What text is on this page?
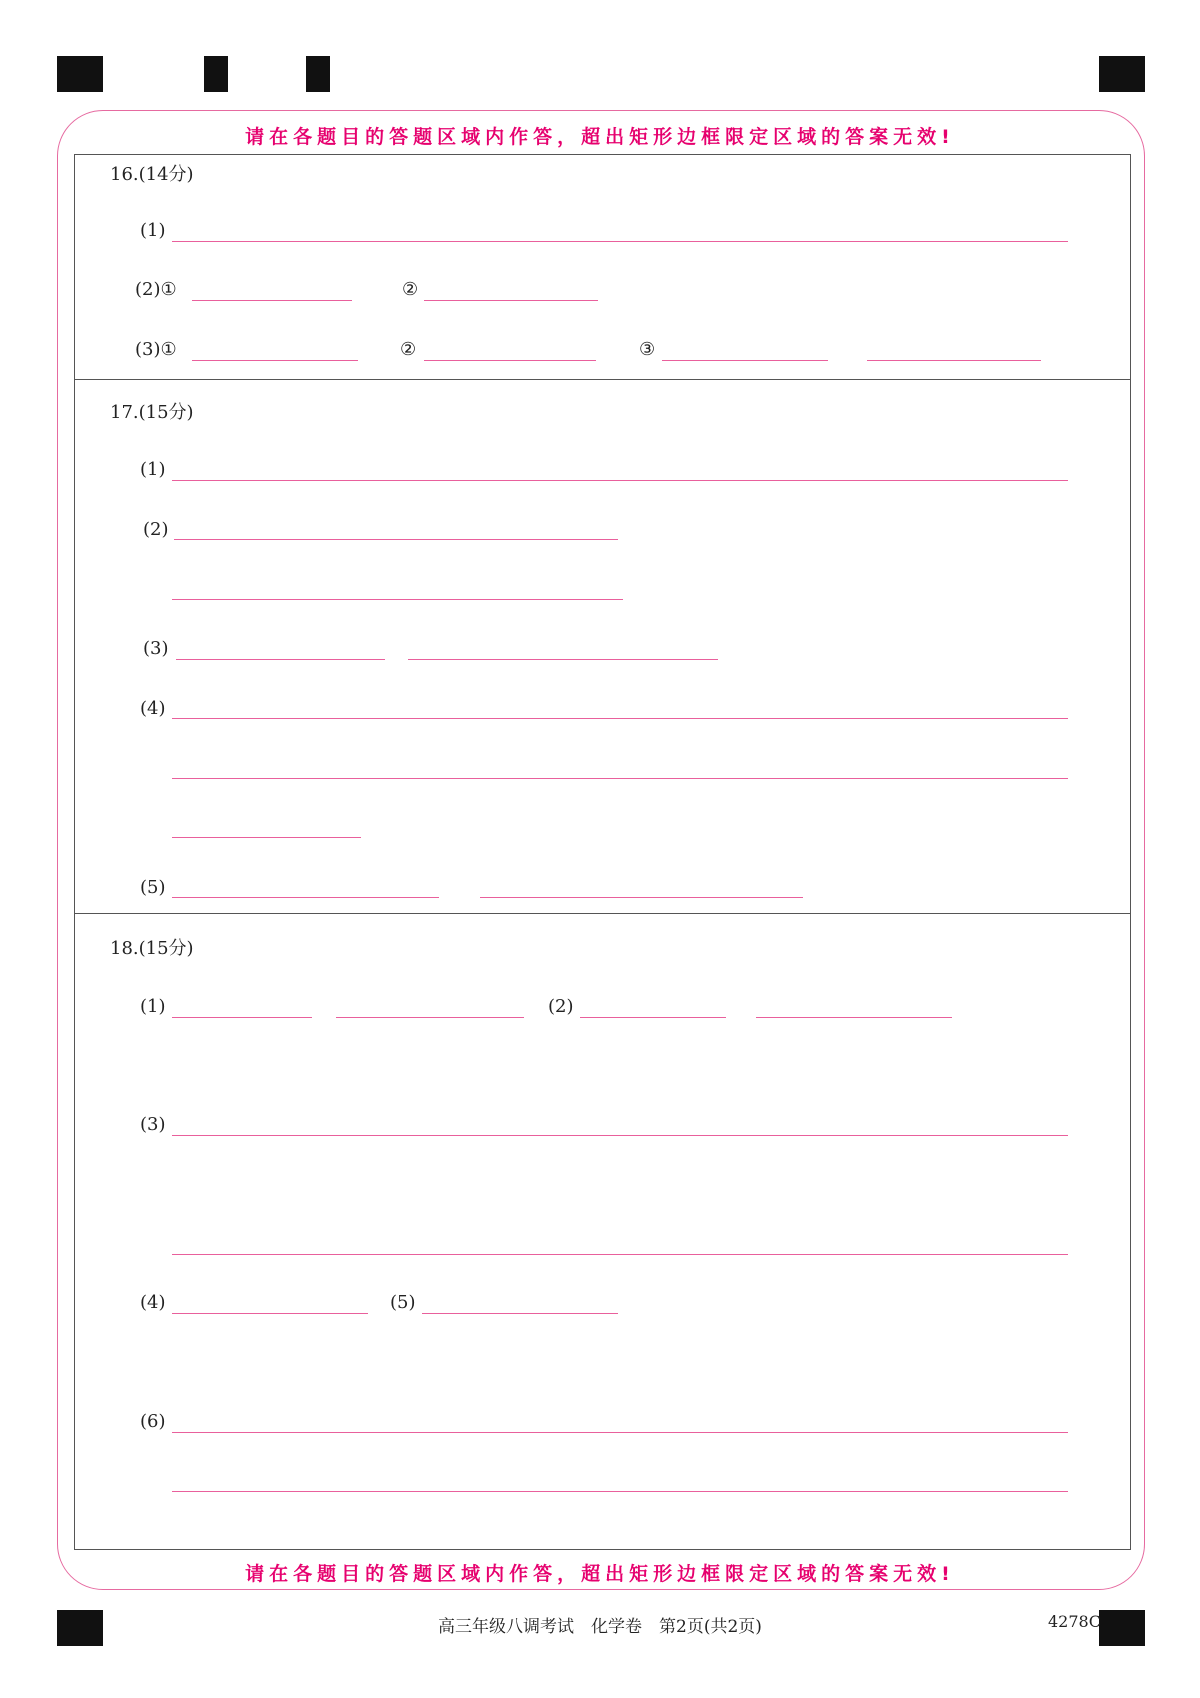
请在各题目的答题区域内作答，超出矩形边框限定区域的答案无效!
请在各题目的答题区域内作答，超出矩形边框限定区域的答案无效!
16.(14分)
(1)
(2)①	②
(3)①	②	③
17.(15分)
(1)
(2)
(3)
(4)
(5)
18.(15分)
(1)	(2)
(3)
(4)	(5)
(6)
高三年级八调考试　化学卷　第2页(共2页)	4278C
